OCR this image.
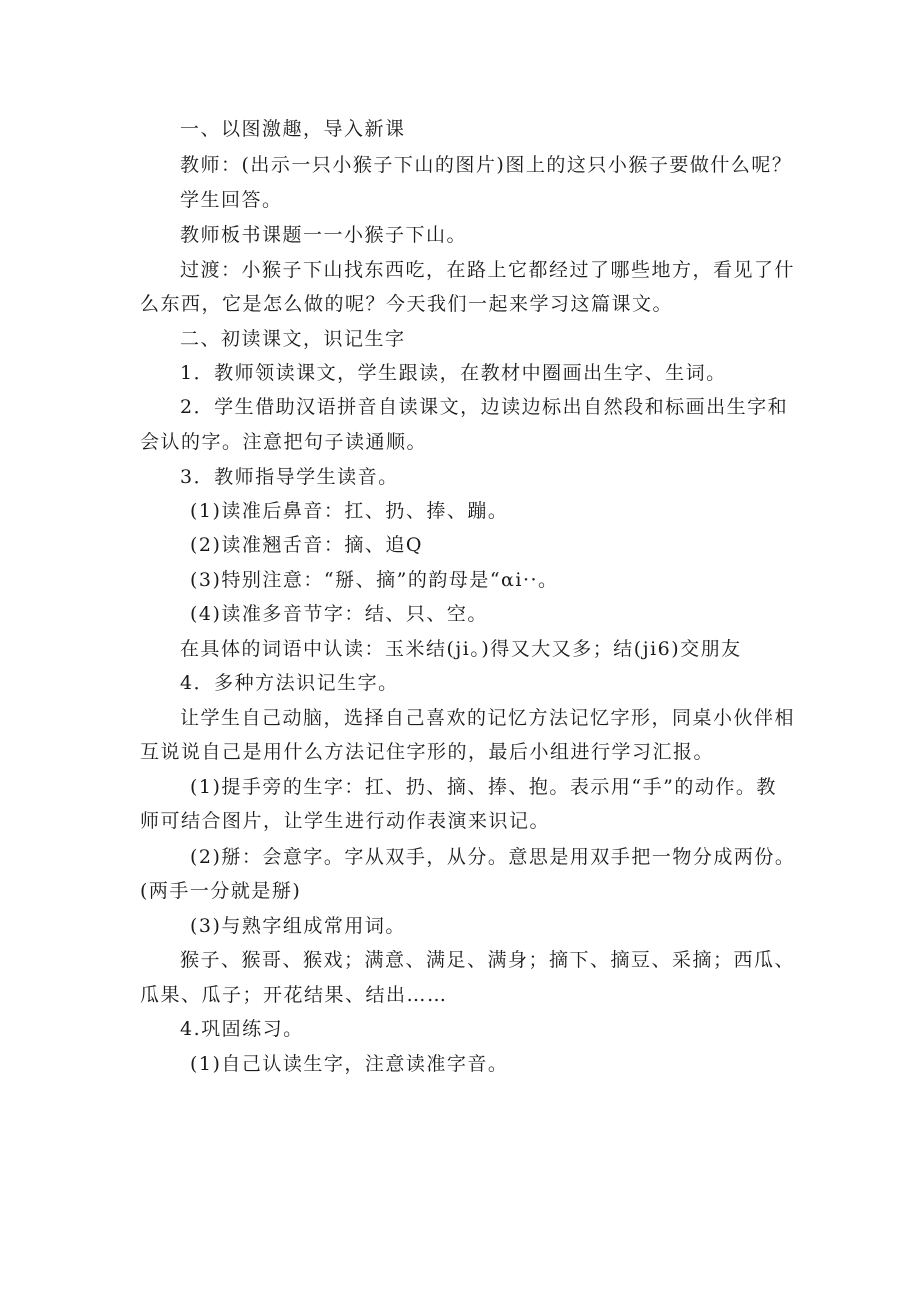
一、以图激趣，导入新课
教师：(出示一只小猴子下山的图片)图上的这只小猴子要做什么呢？
学生回答。
教师板书课题一一小猴子下山。
过渡：小猴子下山找东西吃，在路上它都经过了哪些地方，看见了什
么东西，它是怎么做的呢？今天我们一起来学习这篇课文。
二、初读课文，识记生字
1．教师领读课文，学生跟读，在教材中圈画出生字、生词。
2．学生借助汉语拼音自读课文，边读边标出自然段和标画出生字和
会认的字。注意把句子读通顺。
3．教师指导学生读音。
(1)读准后鼻音：扛、扔、捧、蹦。
(2)读准翘舌音：摘、追Q
(3)特别注意：“掰、摘”的韵母是“αi··。
(4)读准多音节字：结、只、空。
在具体的词语中认读：玉米结(ji。)得又大又多；结(ji6)交朋友
4．多种方法识记生字。
让学生自己动脑，选择自己喜欢的记忆方法记忆字形，同桌小伙伴相
互说说自己是用什么方法记住字形的，最后小组进行学习汇报。
(1)提手旁的生字：扛、扔、摘、捧、抱。表示用“手”的动作。教
师可结合图片，让学生进行动作表演来识记。
(2)掰：会意字。字从双手，从分。意思是用双手把一物分成两份。
(两手一分就是掰)
(3)与熟字组成常用词。
猴子、猴哥、猴戏；满意、满足、满身；摘下、摘豆、采摘；西瓜、
瓜果、瓜子；开花结果、结出……
4.巩固练习。
(1)自己认读生字，注意读准字音。
